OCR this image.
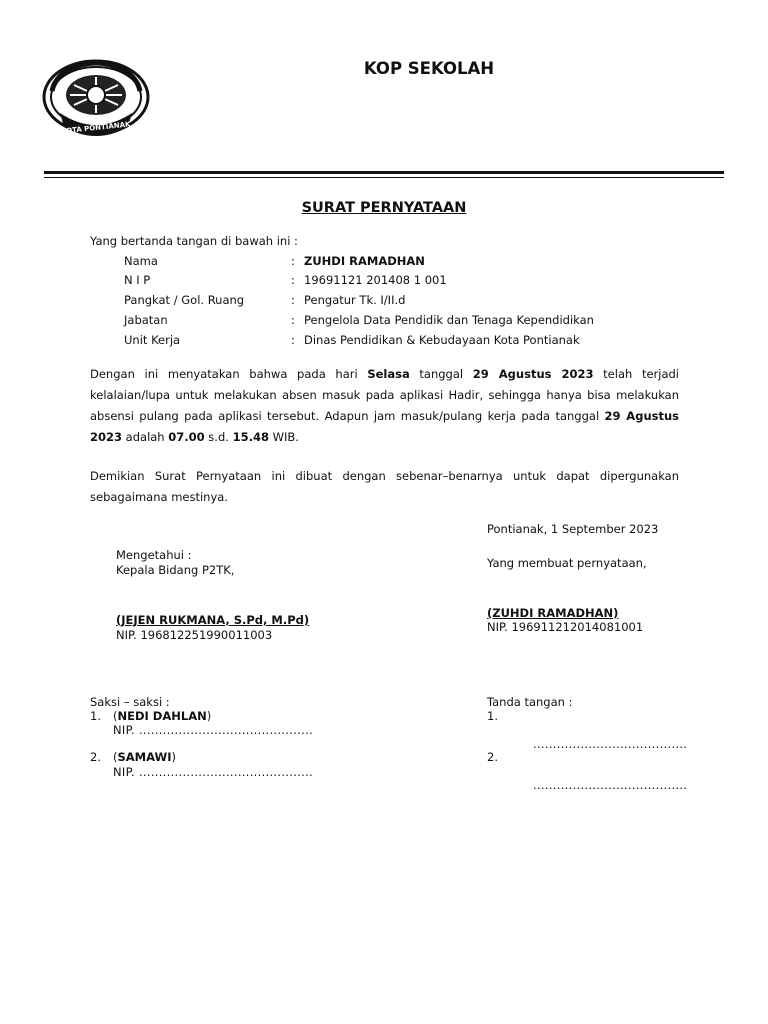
KOTA PONTIANAK
KOP SEKOLAH
SURAT PERNYATAAN
Yang bertanda tangan di bawah ini :
Nama	: ZUHDI RAMADHAN
N I P	: 19691121 201408 1 001
Pangkat / Gol. Ruang	: Pengatur Tk. I/II.d
Jabatan	: Pengelola Data Pendidik dan Tenaga Kependidikan
Unit Kerja	: Dinas Pendidikan & Kebudayaan Kota Pontianak
Dengan ini menyatakan bahwa pada hari Selasa tanggal 29 Agustus 2023 telah terjadi kelalaian/lupa untuk melakukan absen masuk pada aplikasi Hadir, sehingga hanya bisa melakukan absensi pulang pada aplikasi tersebut. Adapun jam masuk/pulang kerja pada tanggal 29 Agustus 2023 adalah 07.00 s.d. 15.48 WIB.
Demikian Surat Pernyataan ini dibuat dengan sebenar–benarnya untuk dapat dipergunakan sebagaimana mestinya.
Pontianak, 1 September 2023
Mengetahui :
Kepala Bidang P2TK,
(JEJEN RUKMANA, S.Pd, M.Pd)
NIP. 196812251990011003
Yang membuat pernyataan,
(ZUHDI RAMADHAN)
NIP. 196911212014081001
Saksi – saksi :
1. (NEDI DAHLAN)
NIP. ............................................
2. (SAMAWI)
NIP. ............................................
Tanda tangan :
1.
.......................................
2.
.......................................
